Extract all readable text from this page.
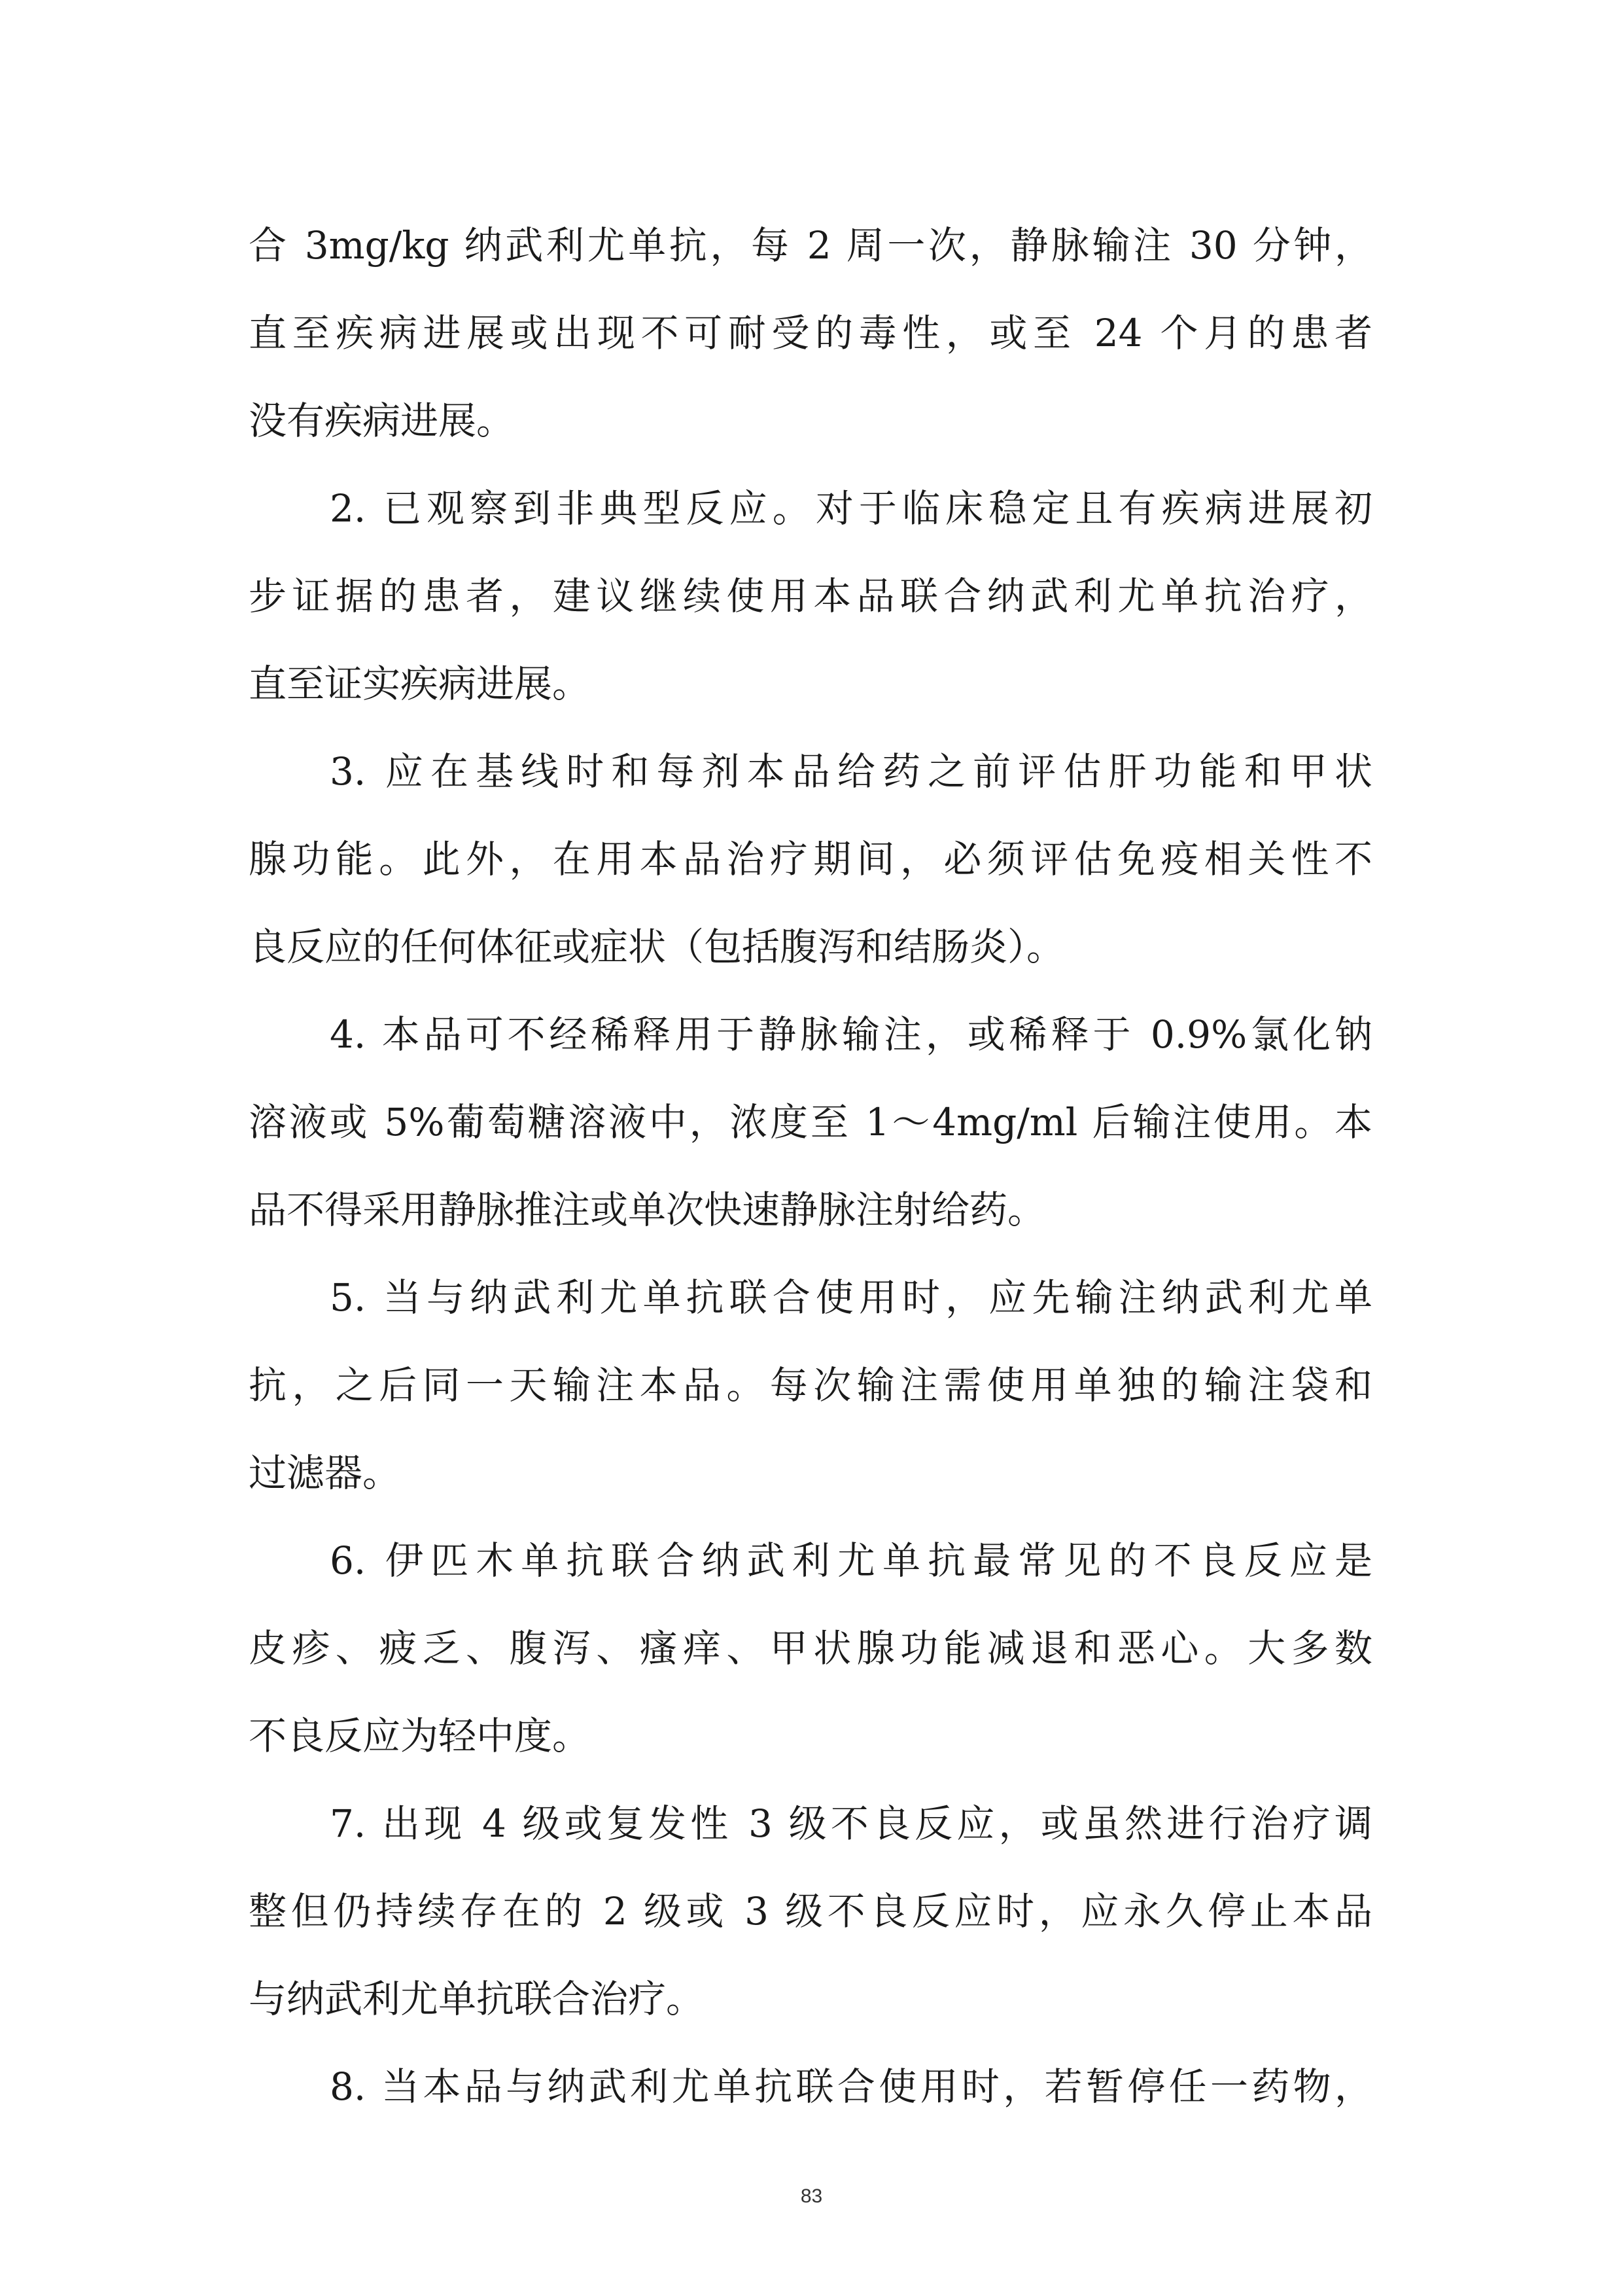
合 3mg/kg 纳武利尤单抗，每 2 周一次，静脉输注 30 分钟，
直至疾病进展或出现不可耐受的毒性，或至 24 个月的患者
没有疾病进展。
2. 已观察到非典型反应。对于临床稳定且有疾病进展初
步证据的患者，建议继续使用本品联合纳武利尤单抗治疗，
直至证实疾病进展。
3. 应在基线时和每剂本品给药之前评估肝功能和甲状
腺功能。此外，在用本品治疗期间，必须评估免疫相关性不
良反应的任何体征或症状（包括腹泻和结肠炎）。
4. 本品可不经稀释用于静脉输注，或稀释于 0.9%氯化钠
溶液或 5%葡萄糖溶液中，浓度至 1～4mg/ml 后输注使用。本
品不得采用静脉推注或单次快速静脉注射给药。
5. 当与纳武利尤单抗联合使用时，应先输注纳武利尤单
抗，之后同一天输注本品。每次输注需使用单独的输注袋和
过滤器。
6. 伊匹木单抗联合纳武利尤单抗最常见的不良反应是
皮疹、疲乏、腹泻、瘙痒、甲状腺功能减退和恶心。大多数
不良反应为轻中度。
7. 出现 4 级或复发性 3 级不良反应，或虽然进行治疗调
整但仍持续存在的 2 级或 3 级不良反应时，应永久停止本品
与纳武利尤单抗联合治疗。
8. 当本品与纳武利尤单抗联合使用时，若暂停任一药物，
83
